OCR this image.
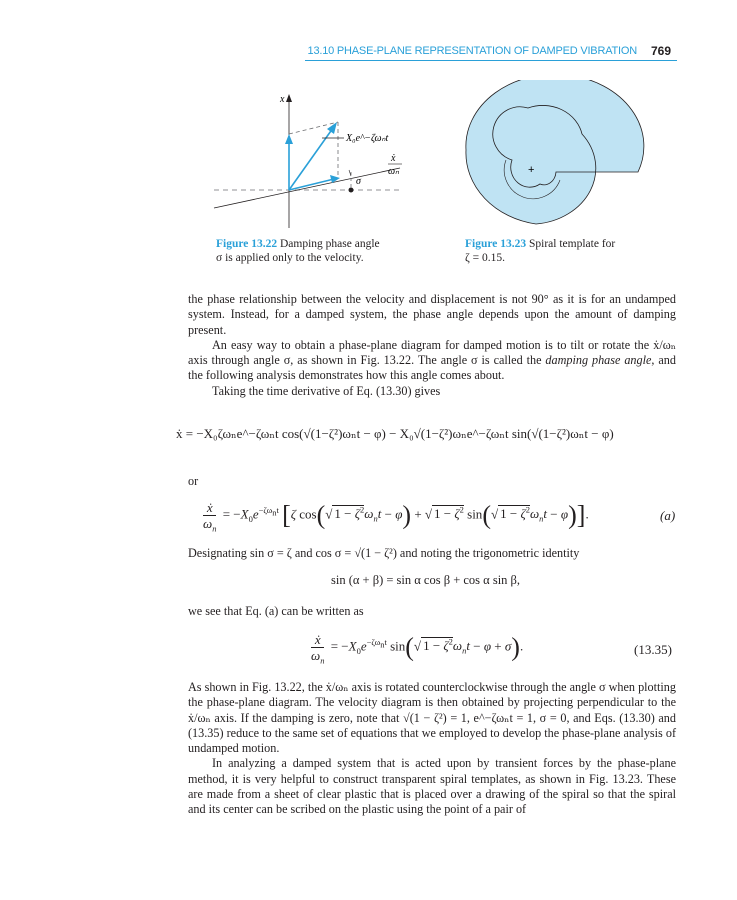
13.10 PHASE-PLANE REPRESENTATION OF DAMPED VIBRATION 769
x
X₀e^−ζωₙt
ẋ
ωₙ
σ
Figure 13.22 Damping phase angle
σ is applied only to the velocity.
+
Figure 13.23 Spiral template for
ζ = 0.15.

the phase relationship between the velocity and displacement is not 90° as it is for an undamped system. Instead, for a damped system, the phase angle depends upon the amount of damping present.

An easy way to obtain a phase-plane diagram for damped motion is to tilt or rotate the ẋ/ωₙ axis through angle σ, as shown in Fig. 13.22. The angle σ is called the damping phase angle, and the following analysis demonstrates how this angle comes about.

Taking the time derivative of Eq. (13.30) gives

ẋ = −X₀ζωₙe^−ζωₙt cos(√(1−ζ²)ωₙt − φ) − X₀√(1−ζ²)ωₙe^−ζωₙt sin(√(1−ζ²)ωₙt − φ)
or
$\frac{\text{ẋ}}{\omega_n} = -X_0e^{-\zeta\omega_nt}$ [ζ cos(√ $1 - \zeta^2\omega_nt - \varphi$) + √ $1 - \zeta^2$ sin(√ $1 - \zeta^2\omega_nt - \varphi$)].	(a)
Designating sin σ = ζ and cos σ = √(1 − ζ²) and noting the trigonometric identity
sin (α + β) = sin α cos β + cos α sin β,
we see that Eq. (a) can be written as
$\frac{\text{ẋ}}{\omega_n} = -X_0e^{-\zeta\omega_nt}$ sin(√ $1 - \zeta^2\omega_nt - \varphi + \sigma$).	(13.35)

As shown in Fig. 13.22, the ẋ/ωₙ axis is rotated counterclockwise through the angle σ when plotting the phase-plane diagram. The velocity diagram is then obtained by projecting perpendicular to the ẋ/ωₙ axis. If the damping is zero, note that √(1 − ζ²) = 1, e^−ζωₙt = 1, σ = 0, and Eqs. (13.30) and (13.35) reduce to the same set of equations that we employed to develop the phase-plane analysis of undamped motion.

In analyzing a damped system that is acted upon by transient forces by the phase-plane method, it is very helpful to construct transparent spiral templates, as shown in Fig. 13.23. These are made from a sheet of clear plastic that is placed over a drawing of the spiral so that the spiral and its center can be scribed on the plastic using the point of a pair of
